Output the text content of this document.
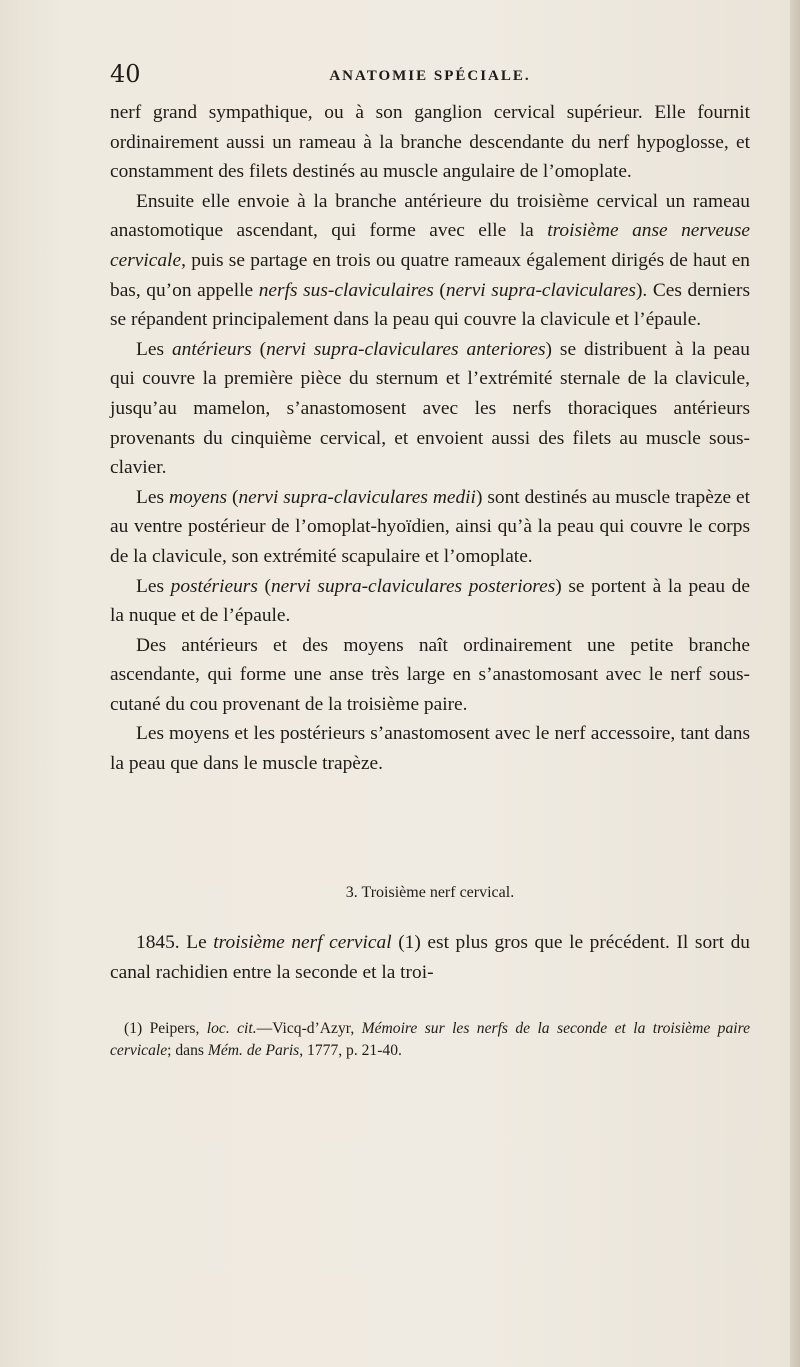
40	ANATOMIE SPÉCIALE.

nerf grand sympathique, ou à son ganglion cervical supérieur. Elle fournit ordinairement aussi un rameau à la branche descendante du nerf hypoglosse, et constamment des filets destinés au muscle angulaire de l’omoplate.

Ensuite elle envoie à la branche antérieure du troisième cervical un rameau anastomotique ascendant, qui forme avec elle la troisième anse nerveuse cervicale, puis se partage en trois ou quatre rameaux également dirigés de haut en bas, qu’on appelle nerfs sus-claviculaires (nervi supra-claviculares). Ces derniers se répandent principalement dans la peau qui couvre la clavicule et l’épaule.

Les antérieurs (nervi supra-claviculares anteriores) se distribuent à la peau qui couvre la première pièce du sternum et l’extrémité sternale de la clavicule, jusqu’au mamelon, s’anastomosent avec les nerfs thoraciques antérieurs provenants du cinquième cervical, et envoient aussi des filets au muscle sous-clavier.

Les moyens (nervi supra-claviculares medii) sont destinés au muscle trapèze et au ventre postérieur de l’omoplat-hyoïdien, ainsi qu’à la peau qui couvre le corps de la clavicule, son extrémité scapulaire et l’omoplate.

Les postérieurs (nervi supra-claviculares posteriores) se portent à la peau de la nuque et de l’épaule.

Des antérieurs et des moyens naît ordinairement une petite branche ascendante, qui forme une anse très large en s’anastomosant avec le nerf sous-cutané du cou provenant de la troisième paire.

Les moyens et les postérieurs s’anastomosent avec le nerf accessoire, tant dans la peau que dans le muscle trapèze.

3. Troisième nerf cervical.

1845. Le troisième nerf cervical (1) est plus gros que le précédent. Il sort du canal rachidien entre la seconde et la troi-

(1) Peipers, loc. cit.—Vicq-d’Azyr, Mémoire sur les nerfs de la seconde et la troisième paire cervicale; dans Mém. de Paris, 1777, p. 21-40.
